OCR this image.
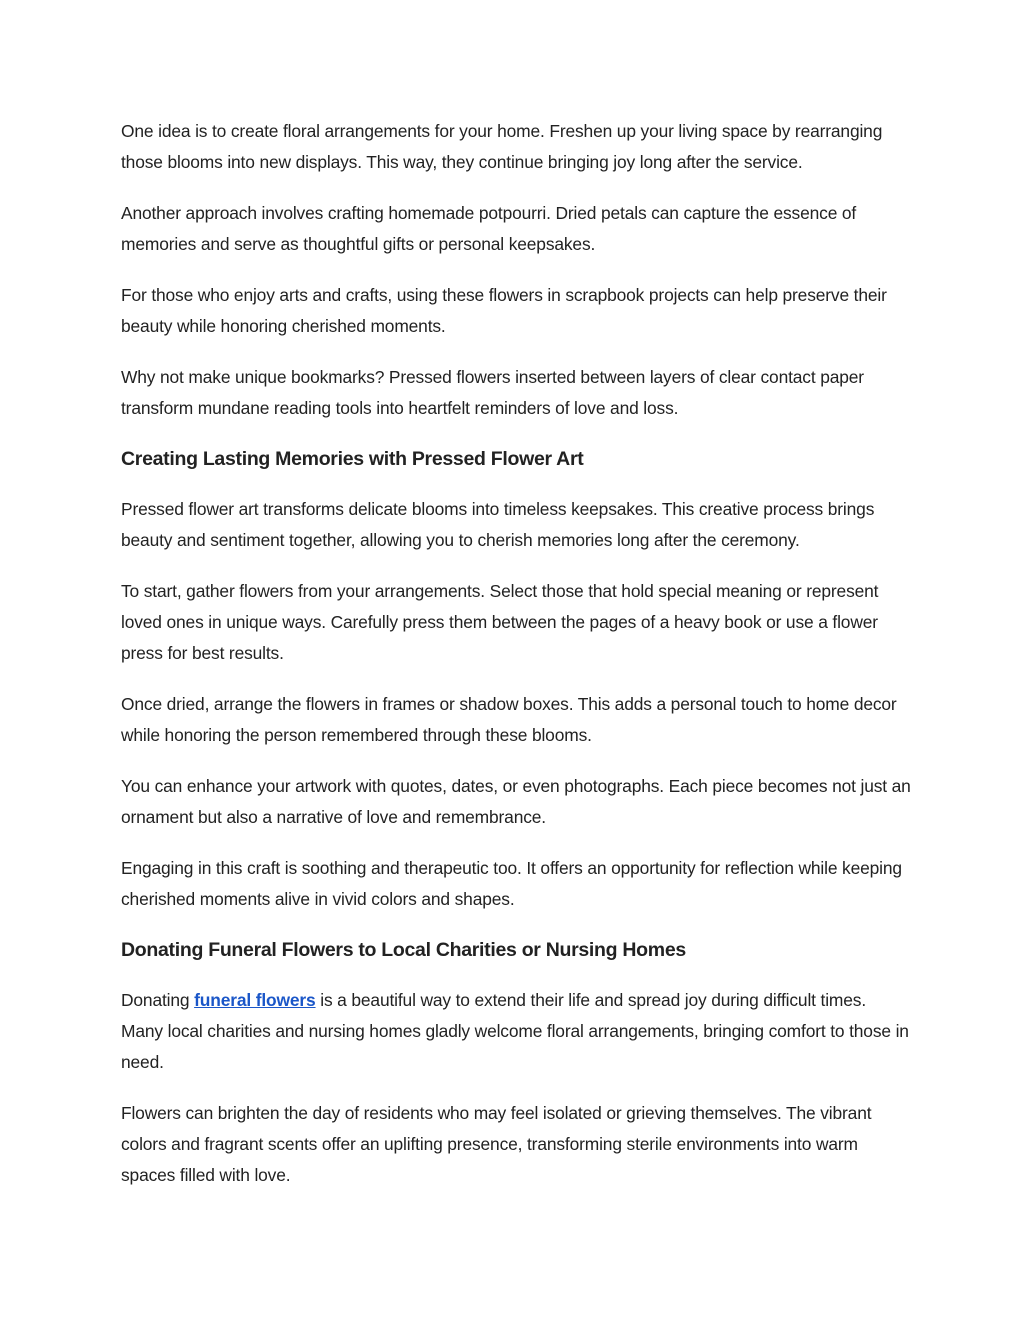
One idea is to create floral arrangements for your home. Freshen up your living space by rearranging those blooms into new displays. This way, they continue bringing joy long after the service.

Another approach involves crafting homemade potpourri. Dried petals can capture the essence of memories and serve as thoughtful gifts or personal keepsakes.

For those who enjoy arts and crafts, using these flowers in scrapbook projects can help preserve their beauty while honoring cherished moments.

Why not make unique bookmarks? Pressed flowers inserted between layers of clear contact paper transform mundane reading tools into heartfelt reminders of love and loss.

Creating Lasting Memories with Pressed Flower Art

Pressed flower art transforms delicate blooms into timeless keepsakes. This creative process brings beauty and sentiment together, allowing you to cherish memories long after the ceremony.

To start, gather flowers from your arrangements. Select those that hold special meaning or represent loved ones in unique ways. Carefully press them between the pages of a heavy book or use a flower press for best results.

Once dried, arrange the flowers in frames or shadow boxes. This adds a personal touch to home decor while honoring the person remembered through these blooms.

You can enhance your artwork with quotes, dates, or even photographs. Each piece becomes not just an ornament but also a narrative of love and remembrance.

Engaging in this craft is soothing and therapeutic too. It offers an opportunity for reflection while keeping cherished moments alive in vivid colors and shapes.

Donating Funeral Flowers to Local Charities or Nursing Homes

Donating funeral flowers is a beautiful way to extend their life and spread joy during difficult times. Many local charities and nursing homes gladly welcome floral arrangements, bringing comfort to those in need.

Flowers can brighten the day of residents who may feel isolated or grieving themselves. The vibrant colors and fragrant scents offer an uplifting presence, transforming sterile environments into warm spaces filled with love.
